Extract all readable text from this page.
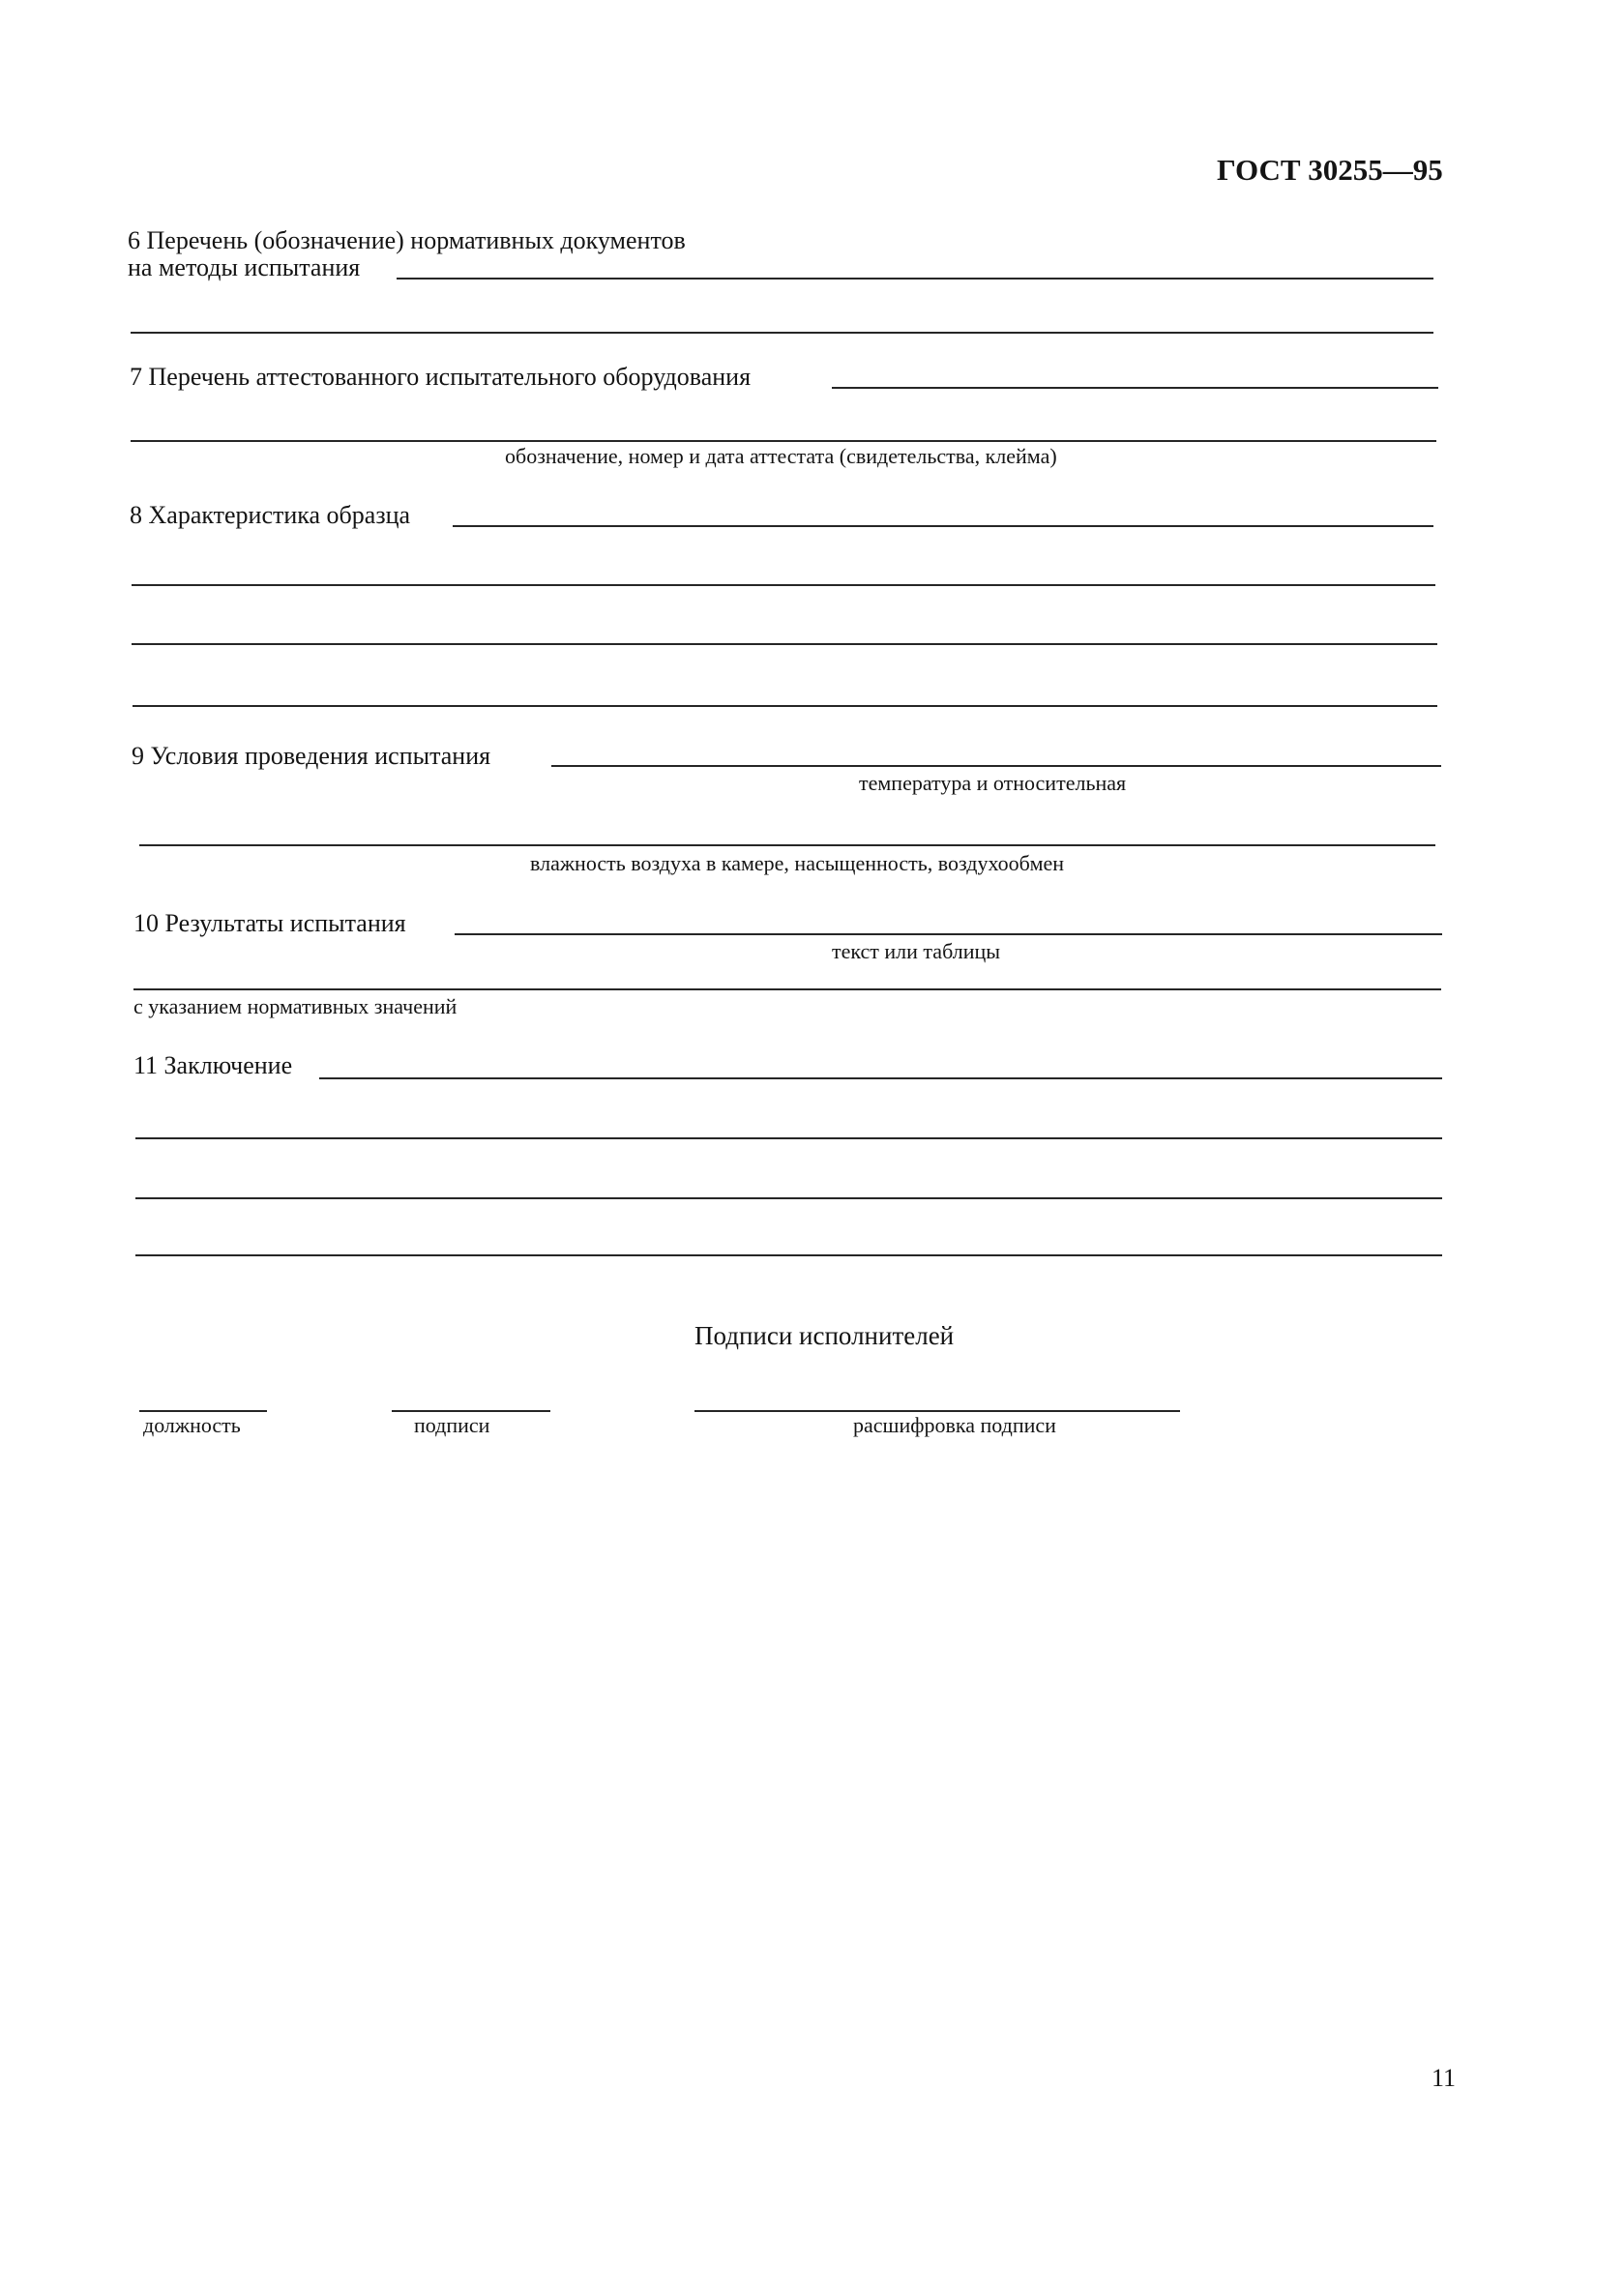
ГОСТ 30255—95
6 Перечень (обозначение) нормативных документов
на методы испытания
7 Перечень аттестованного испытательного оборудования
обозначение, номер и дата аттестата (свидетельства, клейма)
8 Характеристика образца
9 Условия проведения испытания
температура и относительная
влажность воздуха в камере, насыщенность, воздухообмен
10 Результаты испытания
текст или таблицы
с указанием нормативных значений
11 Заключение
Подписи исполнителей
должность	подписи	расшифровка подписи
11
